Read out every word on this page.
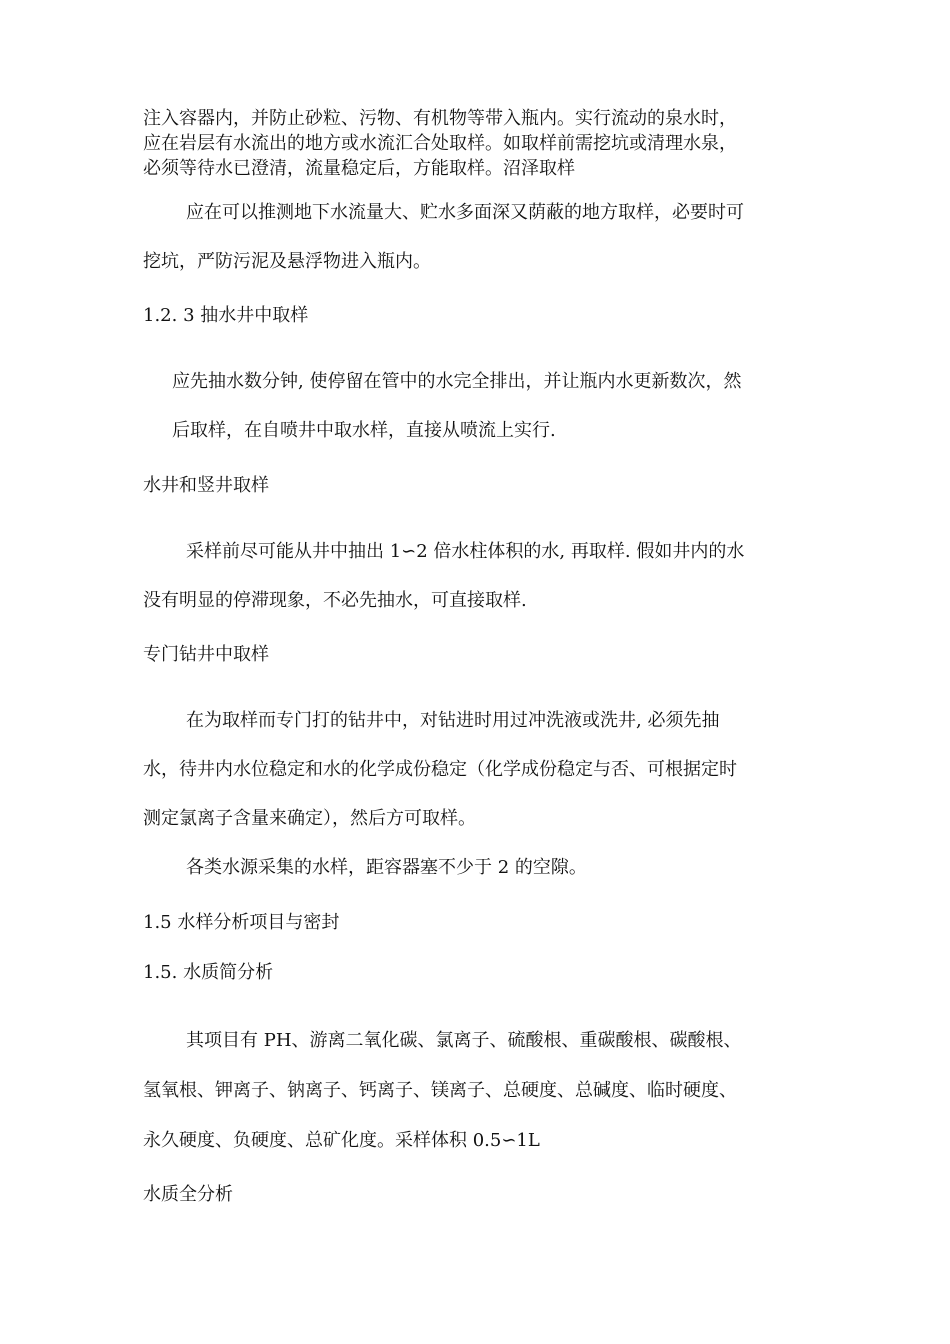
注入容器内，并防止砂粒、污物、有机物等带入瓶内。实行流动的泉水时，
应在岩层有水流出的地方或水流汇合处取样。如取样前需挖坑或清理水泉，
必须等待水已澄清，流量稳定后，方能取样。沼泽取样
应在可以推测地下水流量大、贮水多面深又荫蔽的地方取样，必要时可
挖坑，严防污泥及悬浮物进入瓶内。
1.2. 3 抽水井中取样
应先抽水数分钟, 使停留在管中的水完全排出，并让瓶内水更新数次，然
后取样，在自喷井中取水样，直接从喷流上实行.
水井和竖井取样
采样前尽可能从井中抽出 1∽2 倍水柱体积的水, 再取样. 假如井内的水
没有明显的停滞现象，不必先抽水，可直接取样.
专门钻井中取样
在为取样而专门打的钻井中，对钻进时用过冲洗液或洗井, 必须先抽
水，待井内水位稳定和水的化学成份稳定（化学成份稳定与否、可根据定时
测定氯离子含量来确定），然后方可取样。
各类水源采集的水样，距容器塞不少于 2 的空隙。
1.5 水样分析项目与密封
1.5. 水质简分析
其项目有 PH、游离二氧化碳、氯离子、硫酸根、重碳酸根、碳酸根、
氢氧根、钾离子、钠离子、钙离子、镁离子、总硬度、总碱度、临时硬度、
永久硬度、负硬度、总矿化度。采样体积 0.5∽1L
水质全分析
